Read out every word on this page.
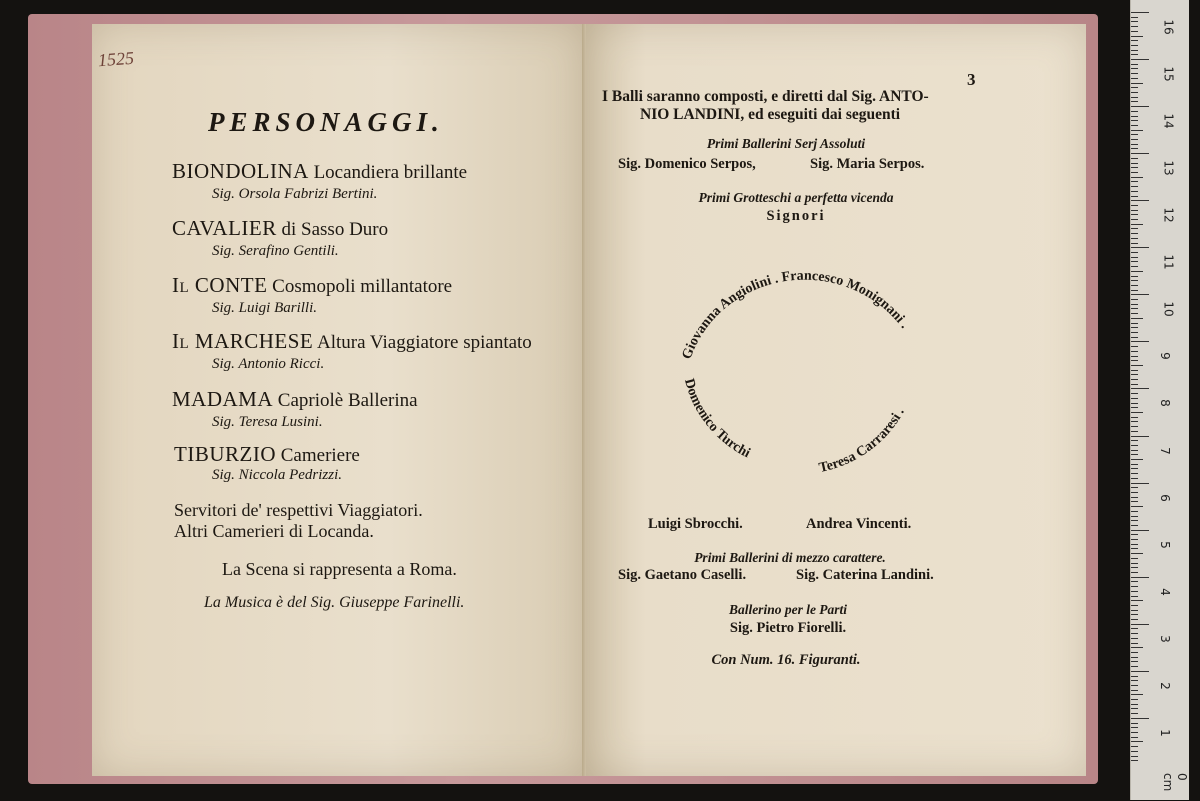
1525
PERSONAGGI.
BIONDOLINA Locandiera brillante
Sig. Orsola Fabrizi Bertini.
CAVALIER di Sasso Duro
Sig. Serafino Gentili.
Il CONTE Cosmopoli millantatore
Sig. Luigi Barilli.
Il MARCHESE Altura Viaggiatore spiantato
Sig. Antonio Ricci.
MADAMA Capriolè Ballerina
Sig. Teresa Lusini.
TIBURZIO Cameriere
Sig. Niccola Pedrizzi.
Servitori de' respettivi Viaggiatori.
Altri Camerieri di Locanda.
La Scena si rappresenta a Roma.
La Musica è del Sig. Giuseppe Farinelli.
3
I Balli saranno composti, e diretti dal Sig. ANTO-
NIO LANDINI, ed eseguiti dai seguenti
Primi Ballerini Serj Assoluti
Sig. Domenico Serpos,	Sig. Maria Serpos.
Primi Grotteschi a perfetta vicenda
Signori
Luigi Sbrocchi.	Andrea Vincenti.
Primi Ballerini di mezzo carattere.
Sig. Gaetano Caselli.	Sig. Caterina Landini.
Ballerino per le Parti
Sig. Pietro Fiorelli.
Con Num. 16. Figuranti.
Giovanna Angiolini . Francesco Monignani .
Teresa Carraresi .
Domenico Turchi
16
15
14
13
12
11
10
9
8
7
6
5
4
3
2
1
0 cm
